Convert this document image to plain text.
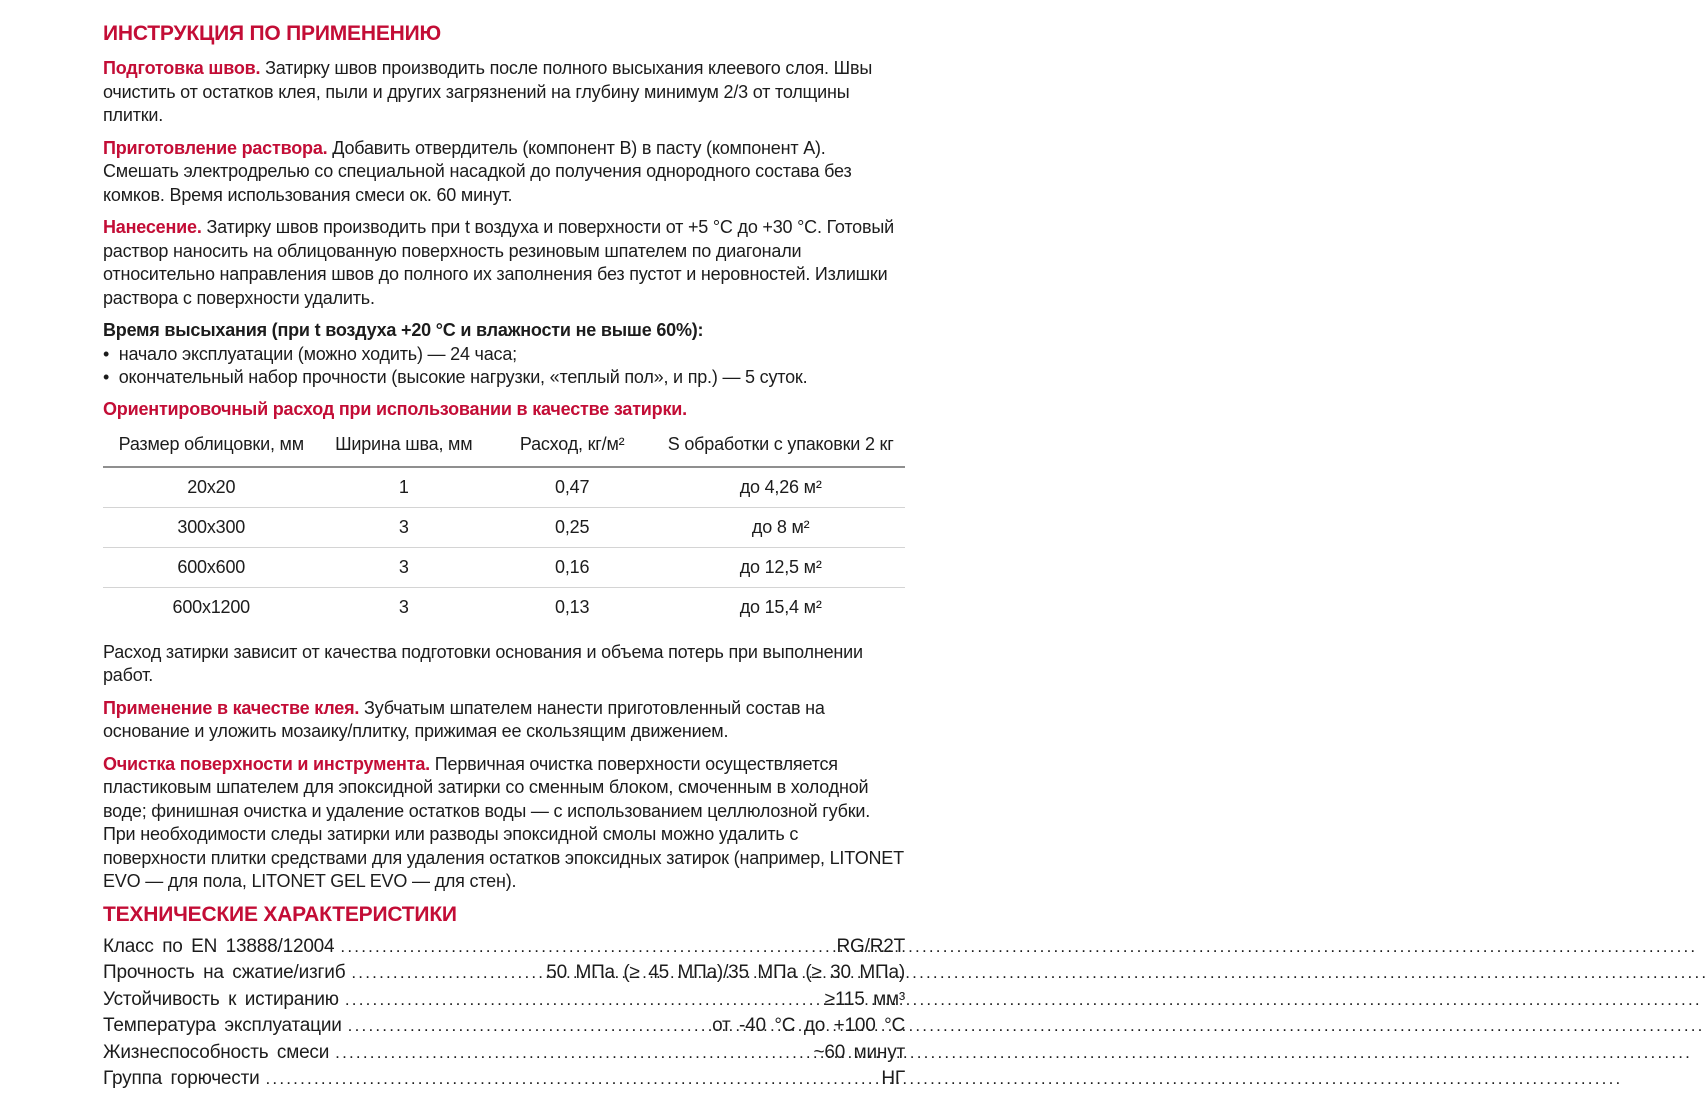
ИНСТРУКЦИЯ ПО ПРИМЕНЕНИЮ

Подготовка швов. Затирку швов производить после полного высыхания клеевого слоя. Швы очистить от остатков клея, пыли и других загрязнений на глубину минимум 2/3 от толщины плитки.

Приготовление раствора. Добавить отвердитель (компонент B) в пасту (компонент A). Смешать электродрелью со специальной насадкой до получения однородного состава без комков. Время использования смеси ок. 60 минут.

Нанесение. Затирку швов производить при t воздуха и поверхности от +5 °C до +30 °C. Готовый раствор наносить на облицованную поверхность резиновым шпателем по диагонали относительно направления швов до полного их заполнения без пустот и неровностей. Излишки раствора с поверхности удалить.

Время высыхания (при t воздуха +20 °C и влажности не выше 60%):
•  начало эксплуатации (можно ходить) — 24 часа;
•  окончательный набор прочности (высокие нагрузки, «теплый пол», и пр.) — 5 суток.
Ориентировочный расход при использовании в качестве затирки.
Размер облицовки, мм	Ширина шва, мм	Расход, кг/м²	S обработки с упаковки 2 кг
20x20	1	0,47	до 4,26 м²
300x300	3	0,25	до 8 м²
600x600	3	0,16	до 12,5 м²
600x1200	3	0,13	до 15,4 м²

Расход затирки зависит от качества подготовки основания и объема потерь при выполнении работ.

Применение в качестве клея. Зубчатым шпателем нанести приготовленный состав на основание и уложить мозаику/плитку, прижимая ее скользящим движением.

Очистка поверхности и инструмента. Первичная очистка поверхности осуществляется пластиковым шпателем для эпоксидной затирки со сменным блоком, смоченным в холодной воде; финишная очистка и удаление остатков воды — с использованием целлюлозной губки. При необходимости следы затирки или разводы эпоксидной смолы можно удалить с поверхности плитки средствами для удаления остатков эпоксидных затирок (например, LITONET EVO — для пола, LITONET GEL EVO — для стен).

ТЕХНИЧЕСКИЕ ХАРАКТЕРИСТИКИ
Класс по EN 13888/12004 .....	RG/R2T
Прочность на сжатие/изгиб .....	50 МПа (≥ 45 МПа)/35 МПа (≥ 30 МПа)
Устойчивость к истиранию .....	≥115 мм³
Температура эксплуатации .....	от -40 °C до +100 °C
Жизнеспособность смеси .....	~60 минут
Группа горючести .....	НГ
